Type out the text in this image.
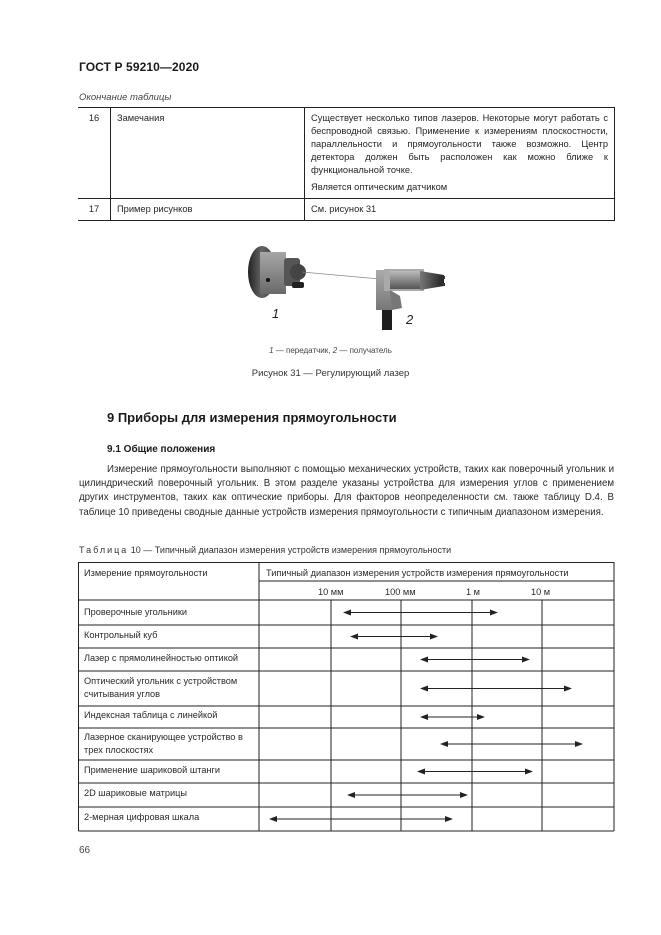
ГОСТ Р 59210—2020
Окончание таблицы
16	Замечания	Существует несколько типов лазеров. Некоторые могут работать с беспроводной связью. Применение к измерениям плоскостности, параллельности и прямоугольности также возможно. Центр детектора должен быть расположен как можно ближе к функциональной точке.

Является оптическим датчиком

17	Пример рисунков	См. рисунок 31

1	2
1 — передатчик, 2 — получатель
Рисунок 31 — Регулирующий лазер
9 Приборы для измерения прямоугольности
9.1 Общие положения
Измерение прямоугольности выполняют с помощью механических устройств, таких как поверочный угольник и цилиндрический поверочный угольник. В этом разделе указаны устройства для измерения углов с применением других инструментов, таких как оптические приборы. Для факторов неопределенности см. также таблицу D.4. В таблице 10 приведены сводные данные устройств измерения прямоугольности с типичным диапазоном измерения.
Таблица 10 — Типичный диапазон измерения устройств измерения прямоугольности
Измерение прямоугольности	Типичный диапазон измерения устройств измерения прямоугольности
10 мм	100 мм	1 м	10 м
Проверочные угольники
Контрольный куб
Лазер с прямолинейностью оптикой
Оптический угольник с устройством считывания углов
Индексная таблица с линейкой
Лазерное сканирующее устройство в трех плоскостях
Применение шариковой штанги
2D шариковые матрицы
2-мерная цифровая шкала
66
